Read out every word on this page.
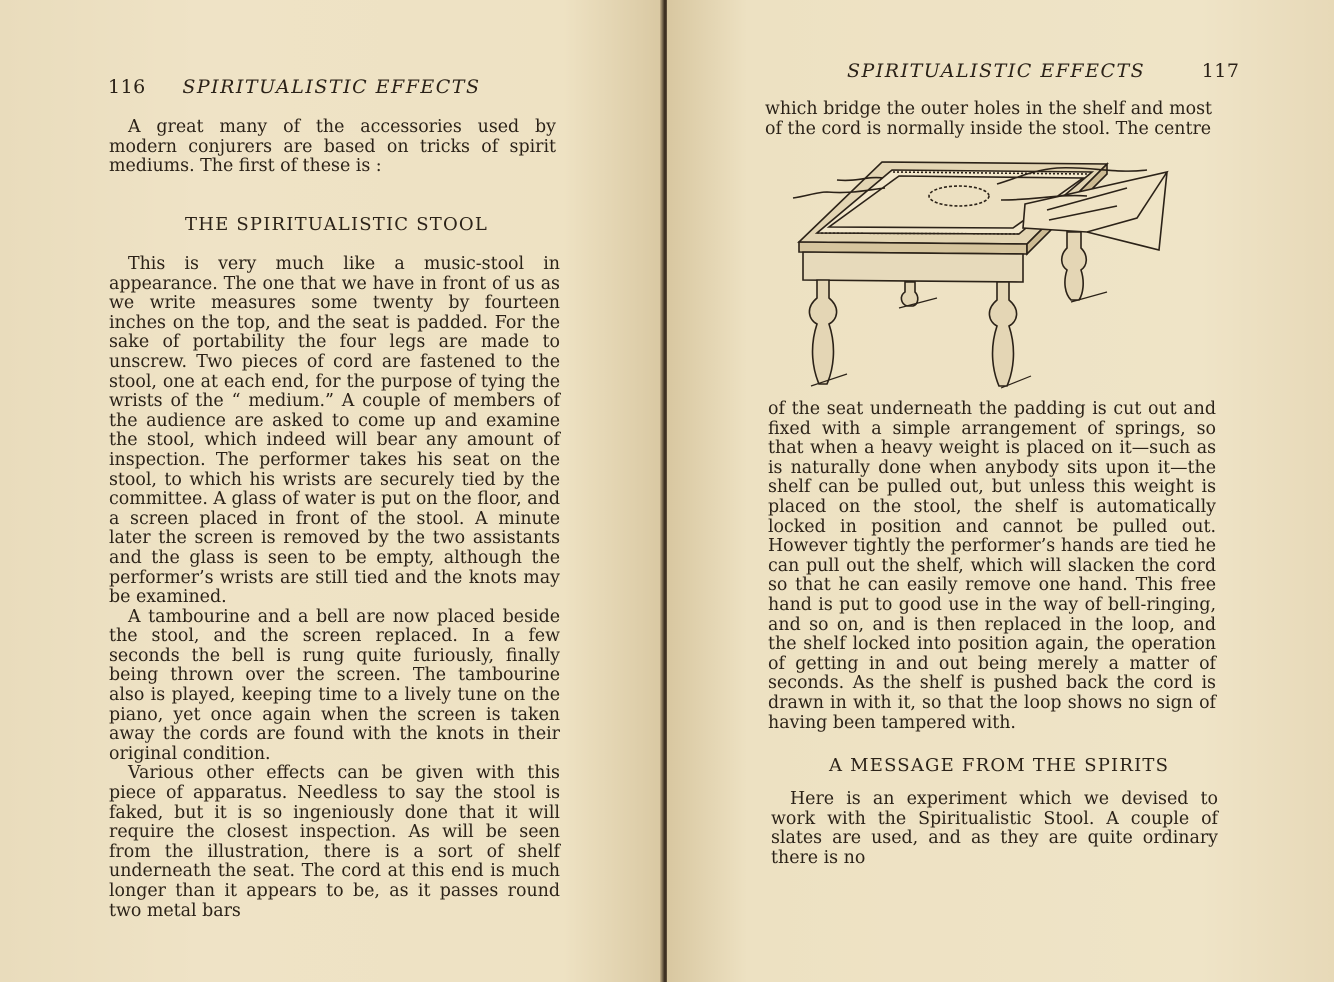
116 SPIRITUALISTIC EFFECTS

A great many of the accessories used by modern conjurers are based on tricks of spirit mediums. The first of these is :

THE SPIRITUALISTIC STOOL

This is very much like a music-stool in appearance. The one that we have in front of us as we write measures some twenty by fourteen inches on the top, and the seat is padded. For the sake of portability the four legs are made to unscrew. Two pieces of cord are fastened to the stool, one at each end, for the purpose of tying the wrists of the “ medium.” A couple of members of the audience are asked to come up and examine the stool, which indeed will bear any amount of inspection. The performer takes his seat on the stool, to which his wrists are securely tied by the committee. A glass of water is put on the floor, and a screen placed in front of the stool. A minute later the screen is removed by the two assistants and the glass is seen to be empty, although the performer’s wrists are still tied and the knots may be examined.

A tambourine and a bell are now placed beside the stool, and the screen replaced. In a few seconds the bell is rung quite furiously, finally being thrown over the screen. The tambourine also is played, keeping time to a lively tune on the piano, yet once again when the screen is taken away the cords are found with the knots in their original condition.

Various other effects can be given with this piece of apparatus. Needless to say the stool is faked, but it is so ingeniously done that it will require the closest inspection. As will be seen from the illustration, there is a sort of shelf underneath the seat. The cord at this end is much longer than it appears to be, as it passes round two metal bars

SPIRITUALISTIC EFFECTS	117

which bridge the outer holes in the shelf and most of the cord is normally inside the stool. The centre

of the seat underneath the padding is cut out and fixed with a simple arrangement of springs, so that when a heavy weight is placed on it—such as is naturally done when anybody sits upon it—the shelf can be pulled out, but unless this weight is placed on the stool, the shelf is automatically locked in position and cannot be pulled out. However tightly the performer’s hands are tied he can pull out the shelf, which will slacken the cord so that he can easily remove one hand. This free hand is put to good use in the way of bell-ringing, and so on, and is then replaced in the loop, and the shelf locked into position again, the operation of getting in and out being merely a matter of seconds. As the shelf is pushed back the cord is drawn in with it, so that the loop shows no sign of having been tampered with.

A MESSAGE FROM THE SPIRITS

Here is an experiment which we devised to work with the Spiritualistic Stool. A couple of slates are used, and as they are quite ordinary there is no
